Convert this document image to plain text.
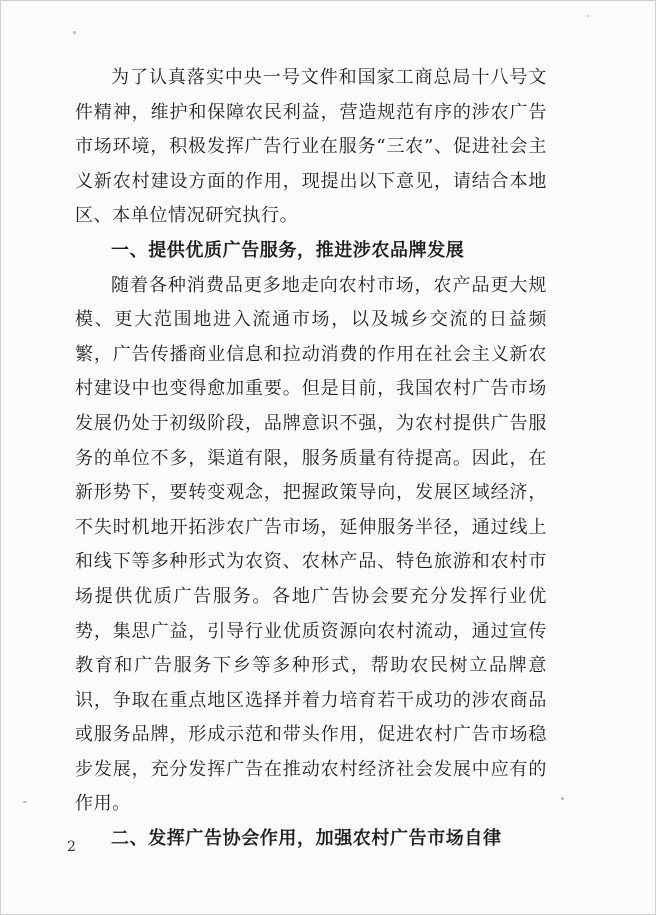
为了认真落实中央一号文件和国家工商总局十八号文件精神，维护和保障农民利益，营造规范有序的涉农广告市场环境，积极发挥广告行业在服务“三农”、促进社会主义新农村建设方面的作用，现提出以下意见，请结合本地区、本单位情况研究执行。

一、提供优质广告服务，推进涉农品牌发展

随着各种消费品更多地走向农村市场，农产品更大规模、更大范围地进入流通市场，以及城乡交流的日益频繁，广告传播商业信息和拉动消费的作用在社会主义新农村建设中也变得愈加重要。但是目前，我国农村广告市场发展仍处于初级阶段，品牌意识不强，为农村提供广告服务的单位不多，渠道有限，服务质量有待提高。因此，在新形势下，要转变观念，把握政策导向，发展区域经济，不失时机地开拓涉农广告市场，延伸服务半径，通过线上和线下等多种形式为农资、农林产品、特色旅游和农村市场提供优质广告服务。各地广告协会要充分发挥行业优势，集思广益，引导行业优质资源向农村流动，通过宣传教育和广告服务下乡等多种形式，帮助农民树立品牌意识，争取在重点地区选择并着力培育若干成功的涉农商品或服务品牌，形成示范和带头作用，促进农村广告市场稳步发展，充分发挥广告在推动农村经济社会发展中应有的作用。

二、发挥广告协会作用，加强农村广告市场自律
2
